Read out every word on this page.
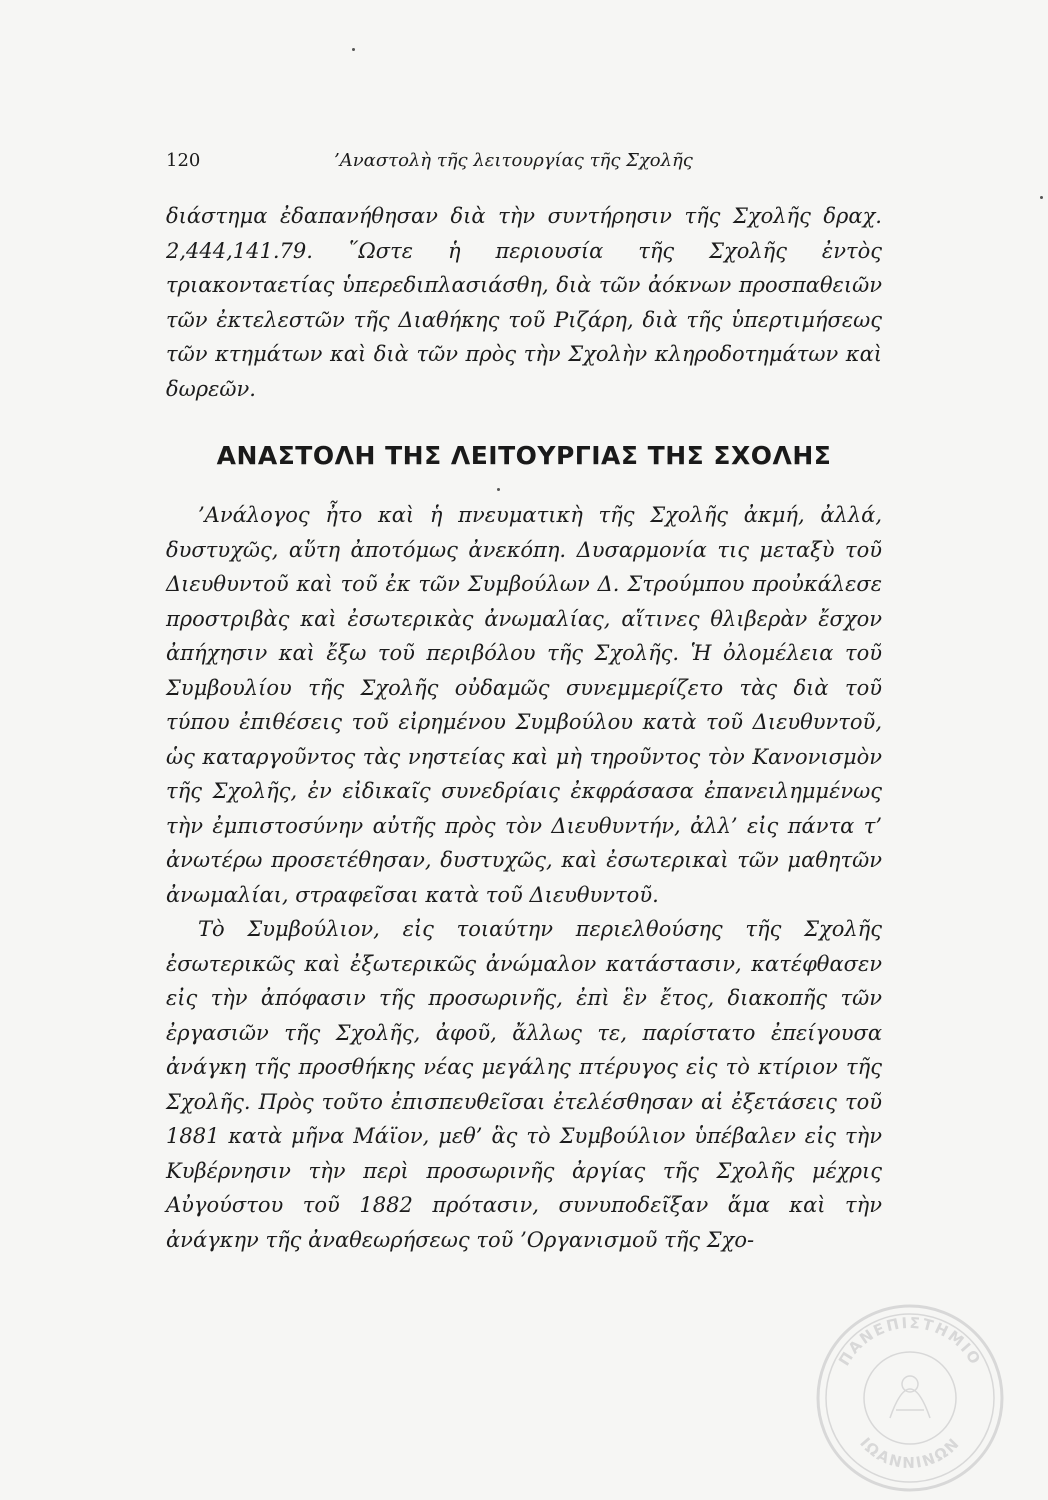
120	’Αναστολὴ τῆς λειτουργίας τῆς Σχολῆς

διάστημα ἐδαπανήθησαν διὰ τὴν συντήρησιν τῆς Σχολῆς δραχ. 2,444,141.79. ῞Ωστε ἡ περιουσία τῆς Σχολῆς ἐντὸς τριακονταετίας ὑπερεδιπλασιάσθη, διὰ τῶν ἀόκνων προσπαθειῶν τῶν ἐκτελεστῶν τῆς Διαθήκης τοῦ Ριζάρη, διὰ τῆς ὑπερτιμήσεως τῶν κτημάτων καὶ διὰ τῶν πρὸς τὴν Σχολὴν κληροδοτημάτων καὶ δωρεῶν.

ΑΝΑΣΤΟΛΗ ΤΗΣ ΛΕΙΤΟΥΡΓΙΑΣ ΤΗΣ ΣΧΟΛΗΣ

’Ανάλογος ἦτο καὶ ἡ πνευματικὴ τῆς Σχολῆς ἀκμή, ἀλλά, δυστυχῶς, αὕτη ἀποτόμως ἀνεκόπη. Δυσαρμονία τις μεταξὺ τοῦ Διευθυντοῦ καὶ τοῦ ἐκ τῶν Συμβούλων Δ. Στρούμπου προὐκάλεσε προστριβὰς καὶ ἐσωτερικὰς ἀνωμαλίας, αἵτινες θλιβερὰν ἔσχον ἀπήχησιν καὶ ἔξω τοῦ περιβόλου τῆς Σχολῆς. Ἡ ὀλομέλεια τοῦ Συμβουλίου τῆς Σχολῆς οὐδαμῶς συνεμμερίζετο τὰς διὰ τοῦ τύπου ἐπιθέσεις τοῦ εἰρημένου Συμβούλου κατὰ τοῦ Διευθυντοῦ, ὡς καταργοῦντος τὰς νηστείας καὶ μὴ τηροῦντος τὸν Κανονισμὸν τῆς Σχολῆς, ἐν εἰδικαῖς συνεδρίαις ἐκφράσασα ἐπανειλημμένως τὴν ἐμπιστοσύνην αὐτῆς πρὸς τὸν Διευθυντήν, ἀλλ’ εἰς πάντα τ’ ἀνωτέρω προσετέθησαν, δυστυχῶς, καὶ ἐσωτερικαὶ τῶν μαθητῶν ἀνωμαλίαι, στραφεῖσαι κατὰ τοῦ Διευθυντοῦ.

Τὸ Συμβούλιον, εἰς τοιαύτην περιελθούσης τῆς Σχολῆς ἐσωτερικῶς καὶ ἐξωτερικῶς ἀνώμαλον κατάστασιν, κατέφθασεν εἰς τὴν ἀπόφασιν τῆς προσωρινῆς, ἐπὶ ἓν ἔτος, διακοπῆς τῶν ἐργασιῶν τῆς Σχολῆς, ἀφοῦ, ἄλλως τε, παρίστατο ἐπείγουσα ἀνάγκη τῆς προσθήκης νέας μεγάλης πτέρυγος εἰς τὸ κτίριον τῆς Σχολῆς. Πρὸς τοῦτο ἐπισπευθεῖσαι ἐτελέσθησαν αἱ ἐξετάσεις τοῦ 1881 κατὰ μῆνα Μάϊον, μεθ’ ἃς τὸ Συμβούλιον ὑπέβαλεν εἰς τὴν Κυβέρνησιν τὴν περὶ προσωρινῆς ἀργίας τῆς Σχολῆς μέχρις Αὐγούστου τοῦ 1882 πρότασιν, συνυποδεῖξαν ἅμα καὶ τὴν ἀνάγκην τῆς ἀναθεωρήσεως τοῦ ’Οργανισμοῦ τῆς Σχο-

ΠΑΝΕΠΙΣΤΗΜΙΟ
ΙΩΑΝΝΙΝΩΝ
